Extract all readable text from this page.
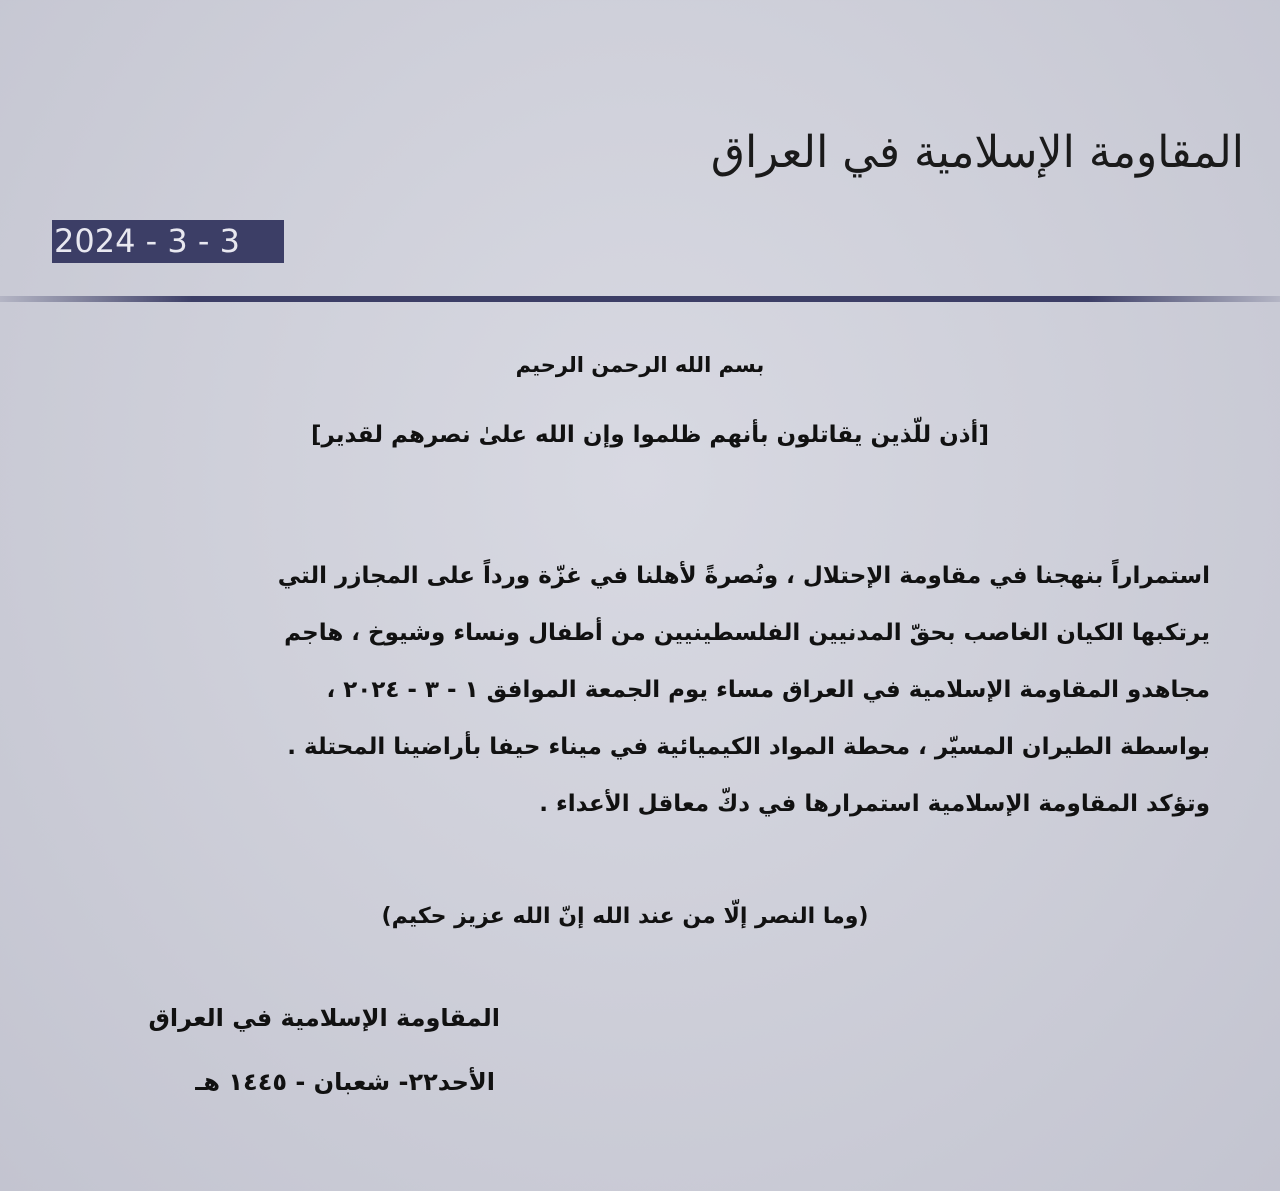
المقاومة الإسلامية في العراق
2024 - 3 - 3
بسم الله الرحمن الرحيم
[أذن للّذين يقاتلون بأنهم ظلموا وإن الله علىٰ نصرهم لقدير]
استمراراً بنهجنا في مقاومة الإحتلال ، ونُصرةً لأهلنا في غزّة ورداً على المجازر التي
يرتكبها الكيان الغاصب بحقّ المدنيين الفلسطينيين من أطفال ونساء وشيوخ ، هاجم
مجاهدو المقاومة الإسلامية في العراق مساء يوم الجمعة الموافق ١ - ٣ - ٢٠٢٤ ،
بواسطة الطيران المسيّر ، محطة المواد الكيميائية في ميناء حيفا بأراضينا المحتلة .
وتؤكد المقاومة الإسلامية استمرارها في دكّ معاقل الأعداء .
(وما النصر إلّا من عند الله إنّ الله عزيز حكيم)
المقاومة الإسلامية في العراق
الأحد٢٢- شعبان - ١٤٤٥ هـ
